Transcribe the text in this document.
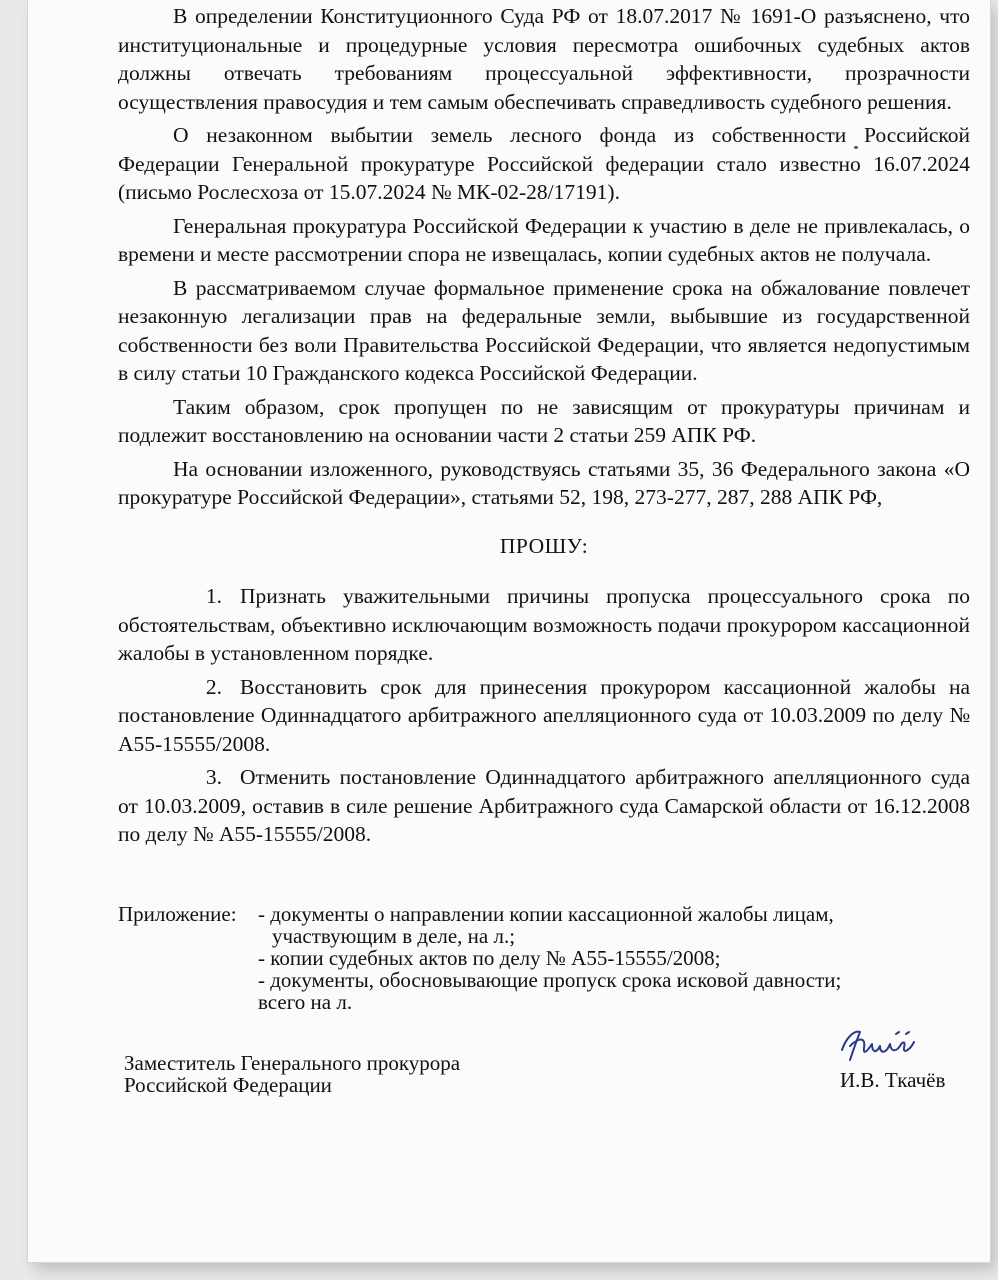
В определении Конституционного Суда РФ от 18.07.2017 № 1691-О разъяснено, что институциональные и процедурные условия пересмотра ошибочных судебных актов должны отвечать требованиям процессуальной эффективности, прозрачности осуществления правосудия и тем самым обеспечивать справедливость судебного решения.

О незаконном выбытии земель лесного фонда из собственности Российской Федерации Генеральной прокуратуре Российской федерации стало известно 16.07.2024 (письмо Рослесхоза от 15.07.2024 № МК-02-28/17191).

Генеральная прокуратура Российской Федерации к участию в деле не привлекалась, о времени и месте рассмотрении спора не извещалась, копии судебных актов не получала.

В рассматриваемом случае формальное применение срока на обжалование повлечет незаконную легализации прав на федеральные земли, выбывшие из государственной собственности без воли Правительства Российской Федерации, что является недопустимым в силу статьи 10 Гражданского кодекса Российской Федерации.

Таким образом, срок пропущен по не зависящим от прокуратуры причинам и подлежит восстановлению на основании части 2 статьи 259 АПК РФ.

На основании изложенного, руководствуясь статьями 35, 36 Федерального закона «О прокуратуре Российской Федерации», статьями 52, 198, 273-277, 287, 288 АПК РФ,

ПРОШУ:

1. Признать уважительными причины пропуска процессуального срока по обстоятельствам, объективно исключающим возможность подачи прокурором кассационной жалобы в установленном порядке.

2. Восстановить срок для принесения прокурором кассационной жалобы на постановление Одиннадцатого арбитражного апелляционного суда от 10.03.2009 по делу № А55-15555/2008.

3. Отменить постановление Одиннадцатого арбитражного апелляционного суда от 10.03.2009, оставив в силе решение Арбитражного суда Самарской области от 16.12.2008 по делу № А55-15555/2008.

Приложение:	- документы о направлении копии кассационной жалобы лицам,
участвующим в деле, на л.;
- копии судебных актов по делу № А55-15555/2008;
- документы, обосновывающие пропуск срока исковой давности;
всего на л.
Заместитель Генерального прокурора
Российской Федерации	И.В. Ткачёв
